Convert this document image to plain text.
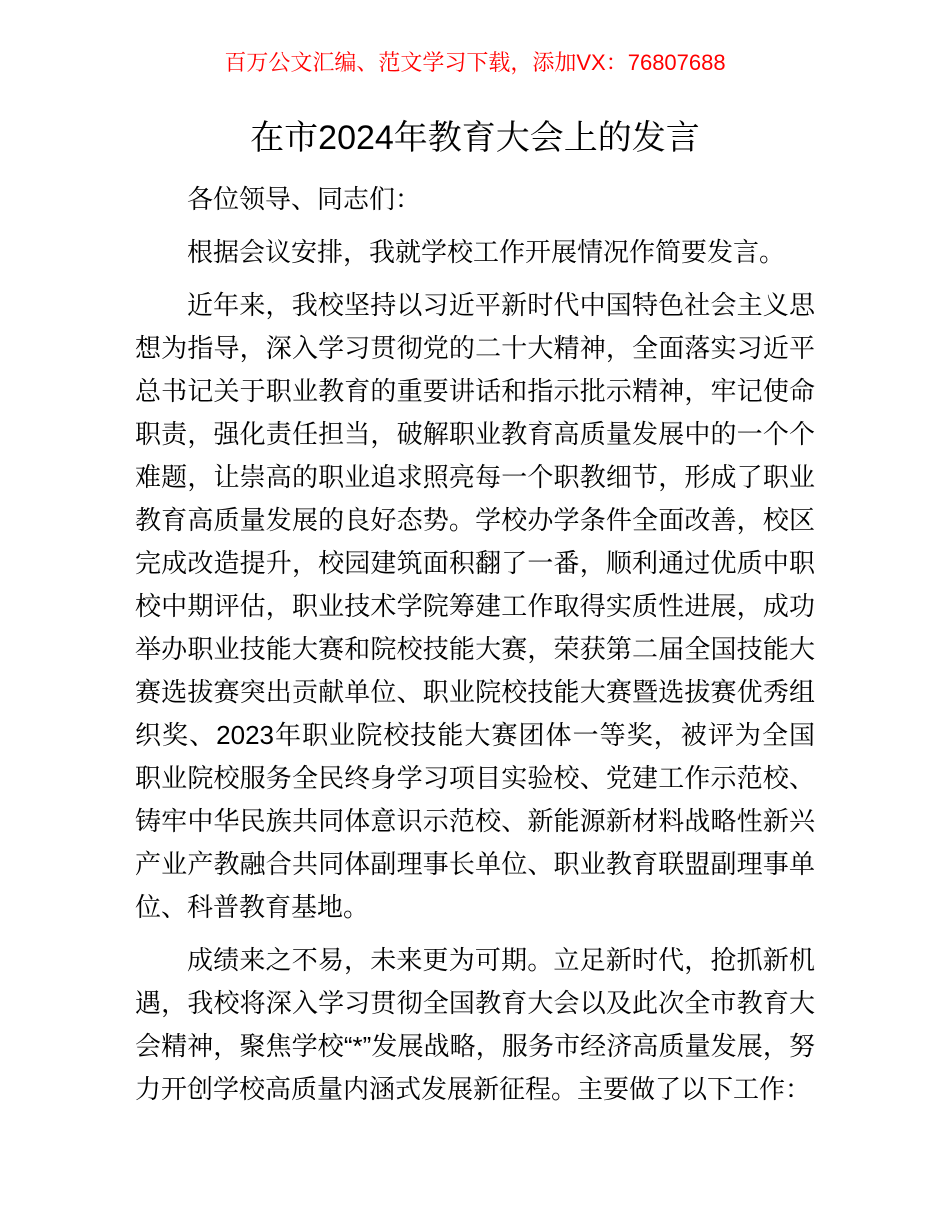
百万公文汇编、范文学习下载，添加VX：76807688
在市2024年教育大会上的发言

各位领导、同志们：

根据会议安排，我就学校工作开展情况作简要发言。

近年来，我校坚持以习近平新时代中国特色社会主义思想为指导，深入学习贯彻党的二十大精神，全面落实习近平总书记关于职业教育的重要讲话和指示批示精神，牢记使命职责，强化责任担当，破解职业教育高质量发展中的一个个难题，让崇高的职业追求照亮每一个职教细节，形成了职业教育高质量发展的良好态势。学校办学条件全面改善，校区完成改造提升，校园建筑面积翻了一番，顺利通过优质中职校中期评估，职业技术学院筹建工作取得实质性进展，成功举办职业技能大赛和院校技能大赛，荣获第二届全国技能大赛选拔赛突出贡献单位、职业院校技能大赛暨选拔赛优秀组织奖、2023年职业院校技能大赛团体一等奖，被评为全国职业院校服务全民终身学习项目实验校、党建工作示范校、铸牢中华民族共同体意识示范校、新能源新材料战略性新兴产业产教融合共同体副理事长单位、职业教育联盟副理事单位、科普教育基地。

成绩来之不易，未来更为可期。立足新时代，抢抓新机遇，我校将深入学习贯彻全国教育大会以及此次全市教育大会精神，聚焦学校“*”发展战略，服务市经济高质量发展，努力开创学校高质量内涵式发展新征程。主要做了以下工作：
